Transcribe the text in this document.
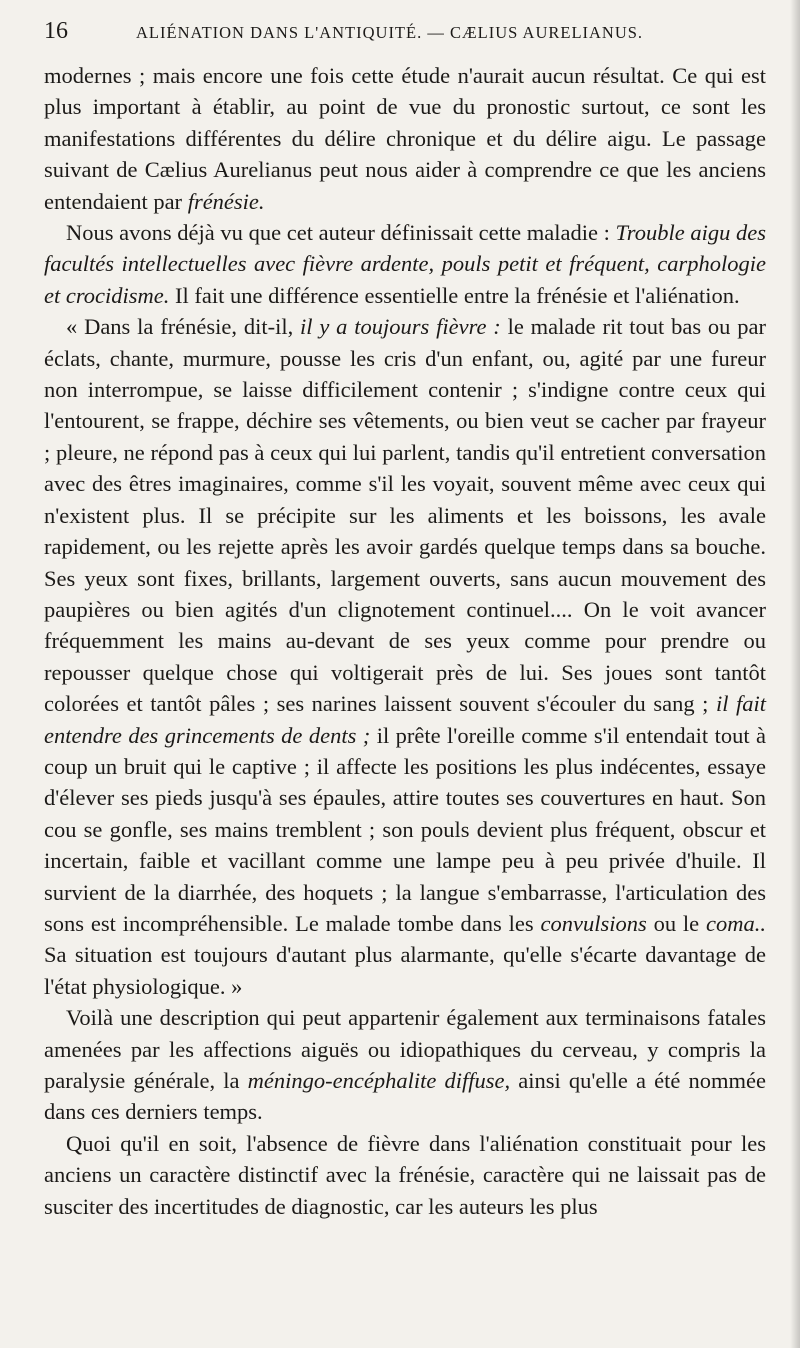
16	ALIÉNATION DANS L'ANTIQUITÉ. — CÆLIUS AURELIANUS.

modernes ; mais encore une fois cette étude n'aurait aucun résultat. Ce qui est plus important à établir, au point de vue du pronostic surtout, ce sont les manifestations différentes du délire chronique et du délire aigu. Le passage suivant de Cælius Aurelianus peut nous aider à comprendre ce que les anciens entendaient par frénésie.

Nous avons déjà vu que cet auteur définissait cette maladie : Trouble aigu des facultés intellectuelles avec fièvre ardente, pouls petit et fréquent, carphologie et crocidisme. Il fait une différence essentielle entre la frénésie et l'aliénation.

« Dans la frénésie, dit-il, il y a toujours fièvre : le malade rit tout bas ou par éclats, chante, murmure, pousse les cris d'un enfant, ou, agité par une fureur non interrompue, se laisse difficilement contenir ; s'indigne contre ceux qui l'entourent, se frappe, déchire ses vêtements, ou bien veut se cacher par frayeur ; pleure, ne répond pas à ceux qui lui parlent, tandis qu'il entretient conversation avec des êtres imaginaires, comme s'il les voyait, souvent même avec ceux qui n'existent plus. Il se précipite sur les aliments et les boissons, les avale rapidement, ou les rejette après les avoir gardés quelque temps dans sa bouche. Ses yeux sont fixes, brillants, largement ouverts, sans aucun mouvement des paupières ou bien agités d'un clignotement continuel.... On le voit avancer fréquemment les mains au-devant de ses yeux comme pour prendre ou repousser quelque chose qui voltigerait près de lui. Ses joues sont tantôt colorées et tantôt pâles ; ses narines laissent souvent s'écouler du sang ; il fait entendre des grincements de dents ; il prête l'oreille comme s'il entendait tout à coup un bruit qui le captive ; il affecte les positions les plus indécentes, essaye d'élever ses pieds jusqu'à ses épaules, attire toutes ses couvertures en haut. Son cou se gonfle, ses mains tremblent ; son pouls devient plus fréquent, obscur et incertain, faible et vacillant comme une lampe peu à peu privée d'huile. Il survient de la diarrhée, des hoquets ; la langue s'embarrasse, l'articulation des sons est incompréhensible. Le malade tombe dans les convulsions ou le coma.. Sa situation est toujours d'autant plus alarmante, qu'elle s'écarte davantage de l'état physiologique. »

Voilà une description qui peut appartenir également aux terminaisons fatales amenées par les affections aiguës ou idiopathiques du cerveau, y compris la paralysie générale, la méningo-encéphalite diffuse, ainsi qu'elle a été nommée dans ces derniers temps.

Quoi qu'il en soit, l'absence de fièvre dans l'aliénation constituait pour les anciens un caractère distinctif avec la frénésie, caractère qui ne laissait pas de susciter des incertitudes de diagnostic, car les auteurs les plus
